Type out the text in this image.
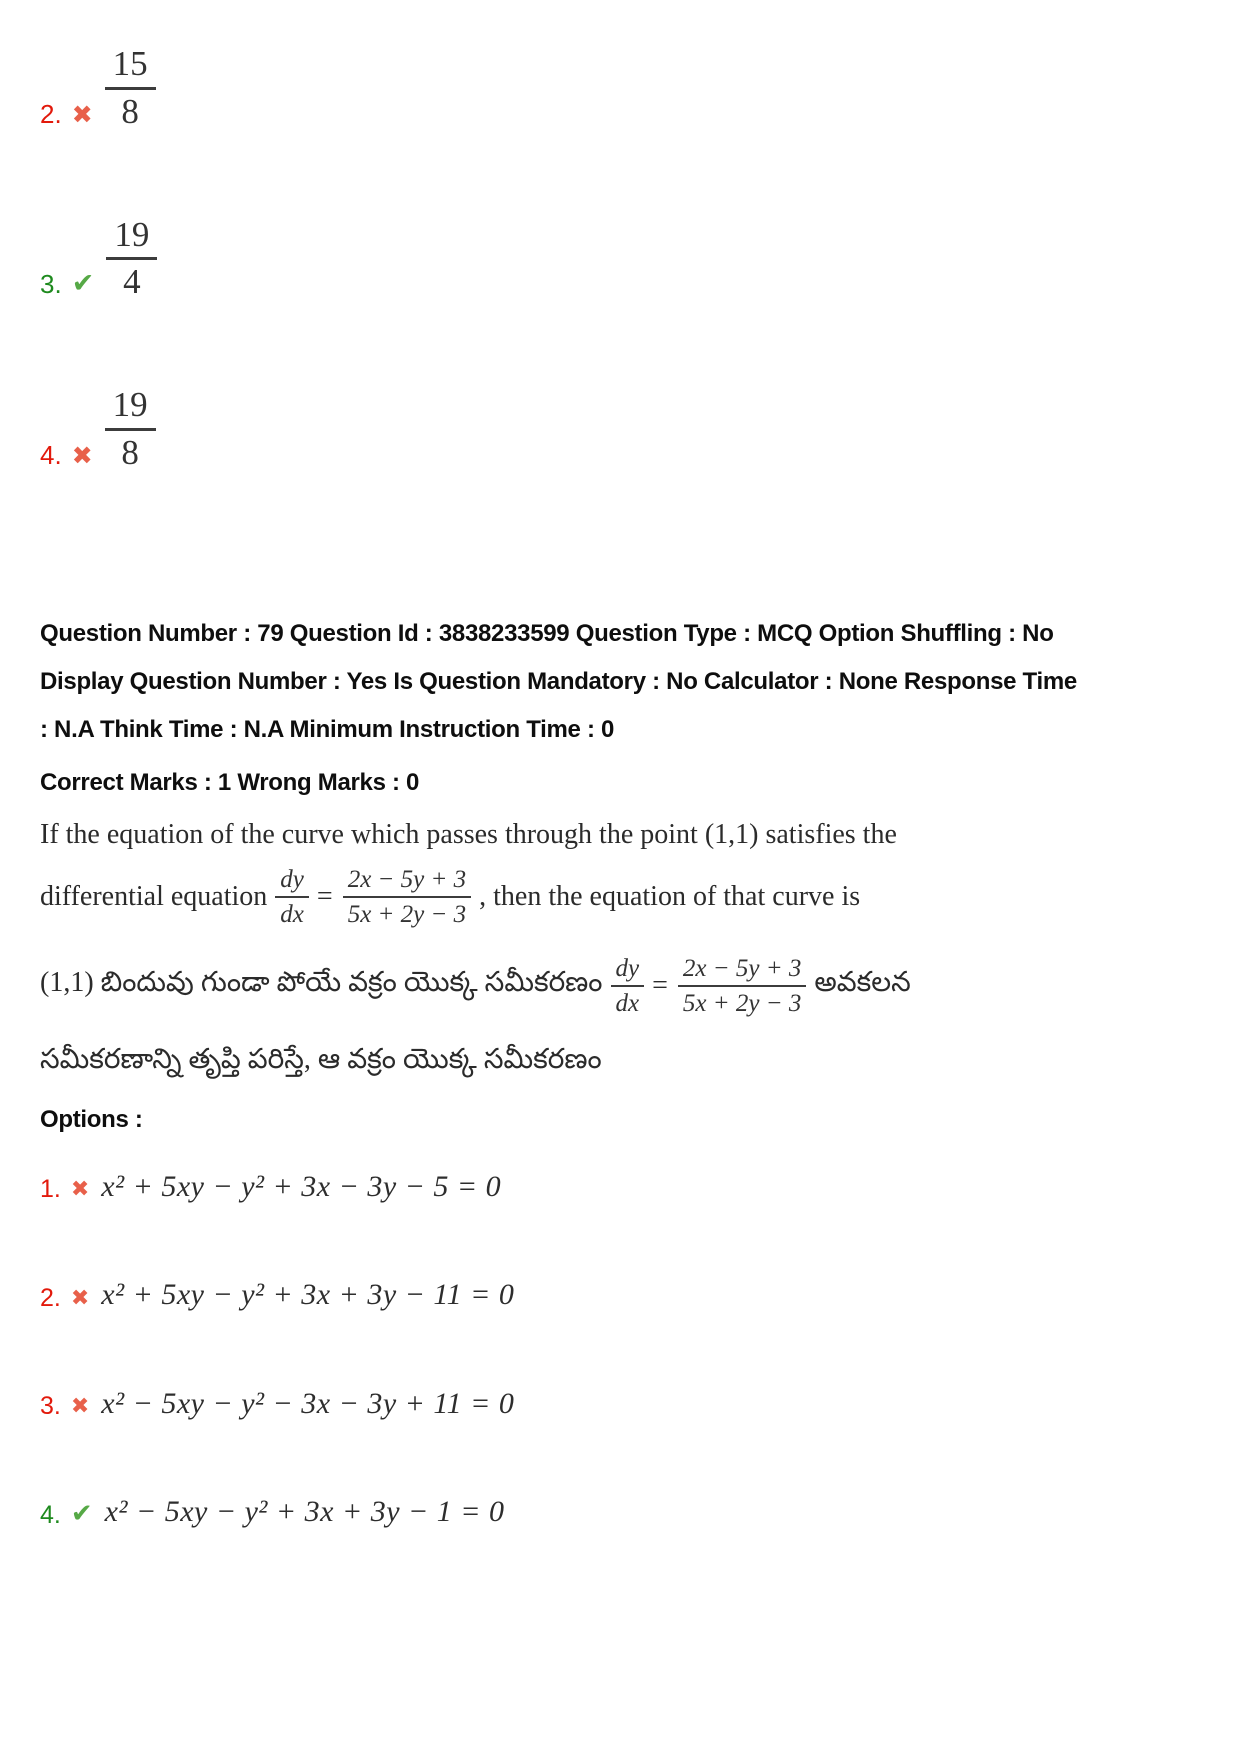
2. ✖ $\frac{15}{8}$
3. ✔ $\frac{19}{4}$
4. ✖ $\frac{19}{8}$

Question Number : 79 Question Id : 3838233599 Question Type : MCQ Option Shuffling : No

Display Question Number : Yes Is Question Mandatory : No Calculator : None Response Time

: N.A Think Time : N.A Minimum Instruction Time : 0

Correct Marks : 1 Wrong Marks : 0

If the equation of the curve which passes through the point (1,1) satisfies the

differential equation $\frac{dy}{dx} = \frac{2x - 5y + 3}{5x + 2y - 3}$ , then the equation of that curve is
(1,1) బిందువు గుండా పోయే వక్రం యొక్క సమీకరణం $\frac{dy}{dx} = \frac{2x - 5y + 3}{5x + 2y - 3}$ అవకలన

సమీకరణాన్ని తృప్తి పరిస్తే, ఆ వక్రం యొక్క సమీకరణం

Options :

1. ✖ x² + 5xy − y² + 3x − 3y − 5 = 0
2. ✖ x² + 5xy − y² + 3x + 3y − 11 = 0
3. ✖ x² − 5xy − y² − 3x − 3y + 11 = 0
4. ✔ x² − 5xy − y² + 3x + 3y − 1 = 0
